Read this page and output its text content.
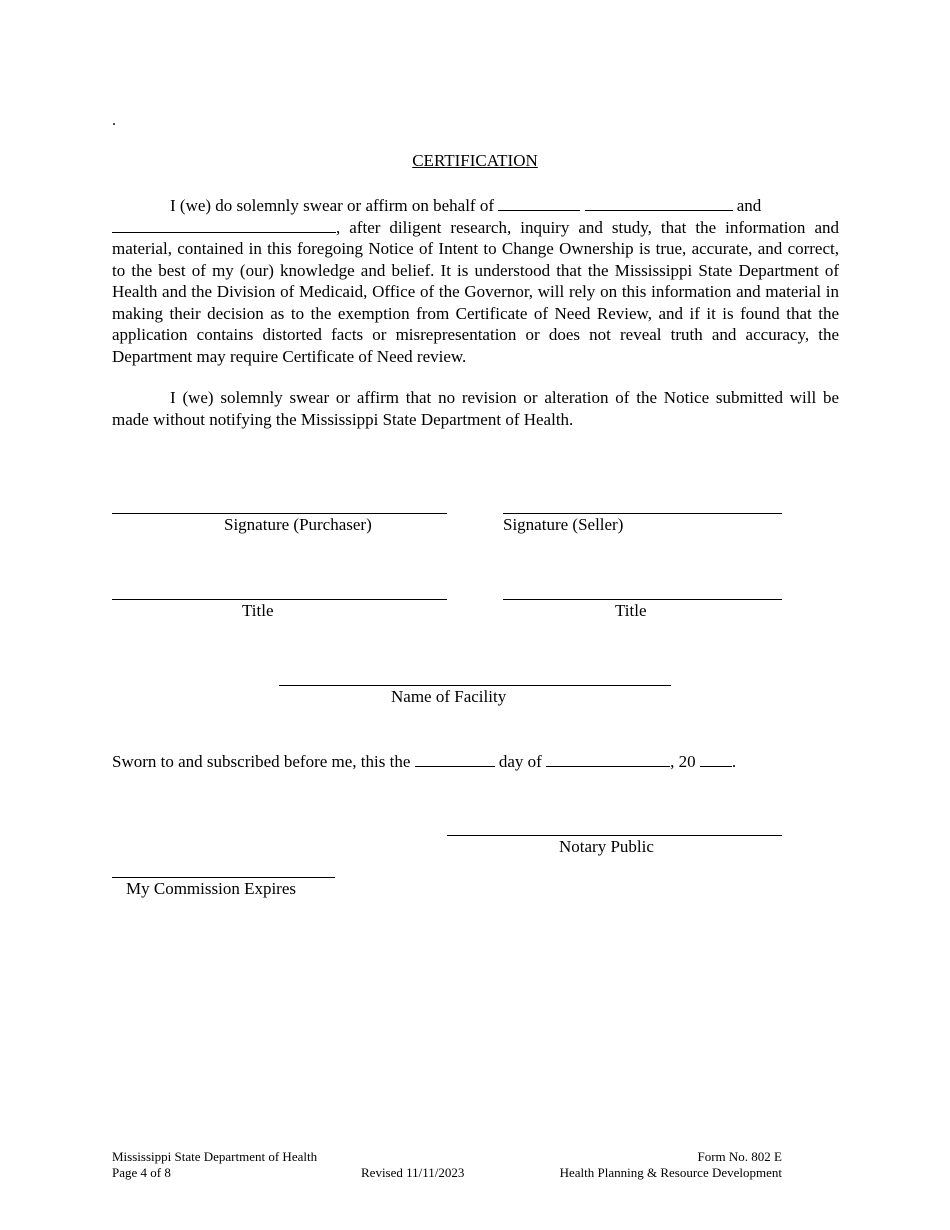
.
CERTIFICATION

I (we) do solemnly swear or affirm on behalf of	and
, after diligent research, inquiry and study, that the information and material, contained in this foregoing Notice of Intent to Change Ownership is true, accurate, and correct, to the best of my (our) knowledge and belief. It is understood that the Mississippi State Department of Health and the Division of Medicaid, Office of the Governor, will rely on this information and material in making their decision as to the exemption from Certificate of Need Review, and if it is found that the application contains distorted facts or misrepresentation or does not reveal truth and accuracy, the Department may require Certificate of Need review.

I (we) solemnly swear or affirm that no revision or alteration of the Notice submitted will be made without notifying the Mississippi State Department of Health.

Signature (Purchaser)	Signature (Seller)
Title	Title
Name of Facility
Sworn to and subscribed before me, this the	day of	, 20 .
Notary Public
My Commission Expires
Mississippi State Department of Health
Page 4 of 8	Revised 11/11/2023
Form No. 802 E
Health Planning & Resource Development
